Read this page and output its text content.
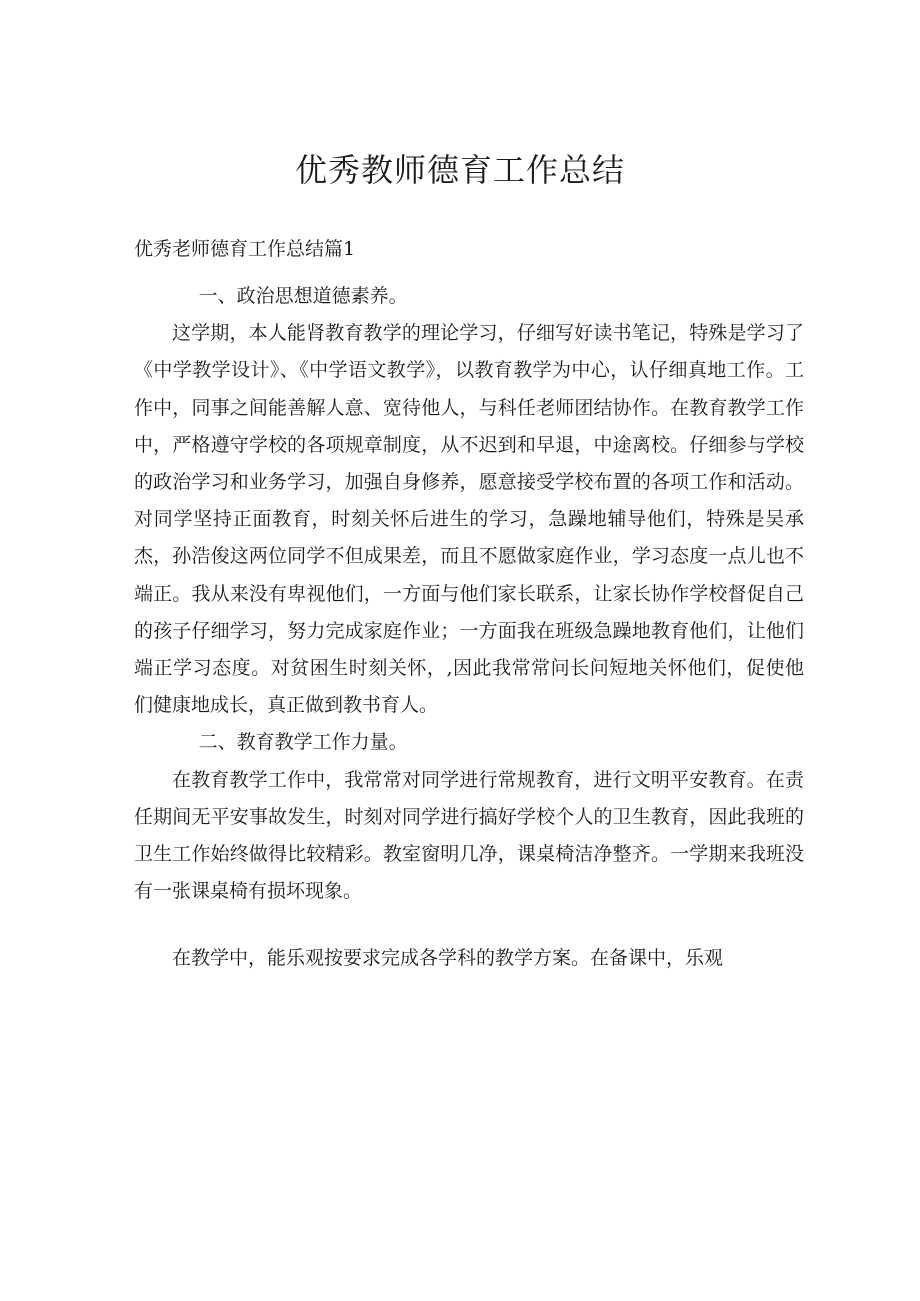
优秀教师德育工作总结
优秀老师德育工作总结篇1

一、政治思想道德素养。

这学期，本人能肾教育教学的理论学习，仔细写好读书笔记，特殊是学习了《中学教学设计》、《中学语文教学》，以教育教学为中心，认仔细真地工作。工作中，同事之间能善解人意、宽待他人，与科任老师团结协作。在教育教学工作中，严格遵守学校的各项规章制度，从不迟到和早退，中途离校。仔细参与学校的政治学习和业务学习，加强自身修养，愿意接受学校布置的各项工作和活动。对同学坚持正面教育，时刻关怀后进生的学习，急躁地辅导他们，特殊是吴承杰，孙浩俊这两位同学不但成果差，而且不愿做家庭作业，学习态度一点儿也不端正。我从来没有卑视他们，一方面与他们家长联系，让家长协作学校督促自己的孩子仔细学习，努力完成家庭作业；一方面我在班级急躁地教育他们，让他们端正学习态度。对贫困生时刻关怀，,因此我常常问长问短地关怀他们，促使他们健康地成长，真正做到教书育人。

二、教育教学工作力量。

在教育教学工作中，我常常对同学进行常规教育，进行文明平安教育。在责任期间无平安事故发生，时刻对同学进行搞好学校个人的卫生教育，因此我班的卫生工作始终做得比较精彩。教室窗明几净，课桌椅洁净整齐。一学期来我班没有一张课桌椅有损坏现象。

在教学中，能乐观按要求完成各学科的教学方案。在备课中，乐观
